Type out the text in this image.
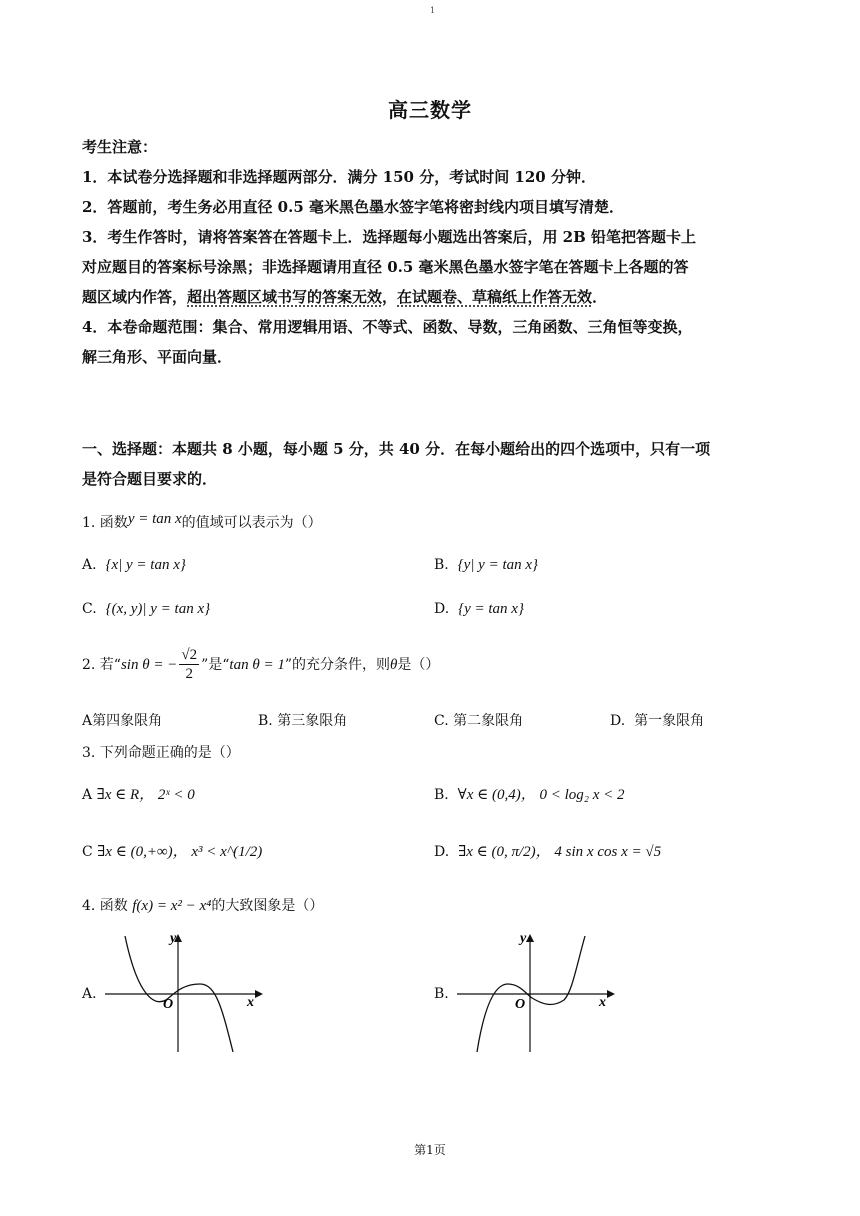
1
高三数学

考生注意：

1．本试卷分选择题和非选择题两部分．满分 150 分，考试时间 120 分钟．

2．答题前，考生务必用直径 0.5 毫米黑色墨水签字笔将密封线内项目填写清楚．

3．考生作答时，请将答案答在答题卡上．选择题每小题选出答案后，用 2B 铅笔把答题卡上

对应题目的答案标号涂黑；非选择题请用直径 0.5 毫米黑色墨水签字笔在答题卡上各题的答

题区域内作答，超出答题区域书写的答案无效，在试题卷、草稿纸上作答无效．

4．本卷命题范围：集合、常用逻辑用语、不等式、函数、导数，三角函数、三角恒等变换，

解三角形、平面向量．

一、选择题：本题共 8 小题，每小题 5 分，共 40 分．在每小题给出的四个选项中，只有一项
是符合题目要求的．
1. 函数y = tan x的值域可以表示为（）
A. {x| y = tan x}	B. {y| y = tan x}
C. {(x, y)| y = tan x}	D. {y = tan x}
2. 若“ sin θ = − $\frac{√2}{2}$ ”是“ tan θ = 1 ”的充分条件，则 θ 是（）
A第四象限角	B. 第三象限角	C. 第二象限角	D. 第一象限角
3. 下列命题正确的是（）
A ∃x ∈ R， 2ˣ < 0	B. ∀x ∈ (0,4)， 0 < log₂ x < 2
C ∃x ∈ (0,+∞)， x³ < x^(1/2)	D. ∃x ∈ (0, π/2)， 4 sin x cos x = √5
4. 函数 f(x) = x² − x⁴的大致图象是（）
A.
y
x
O
B.
y
x
O
第1页
